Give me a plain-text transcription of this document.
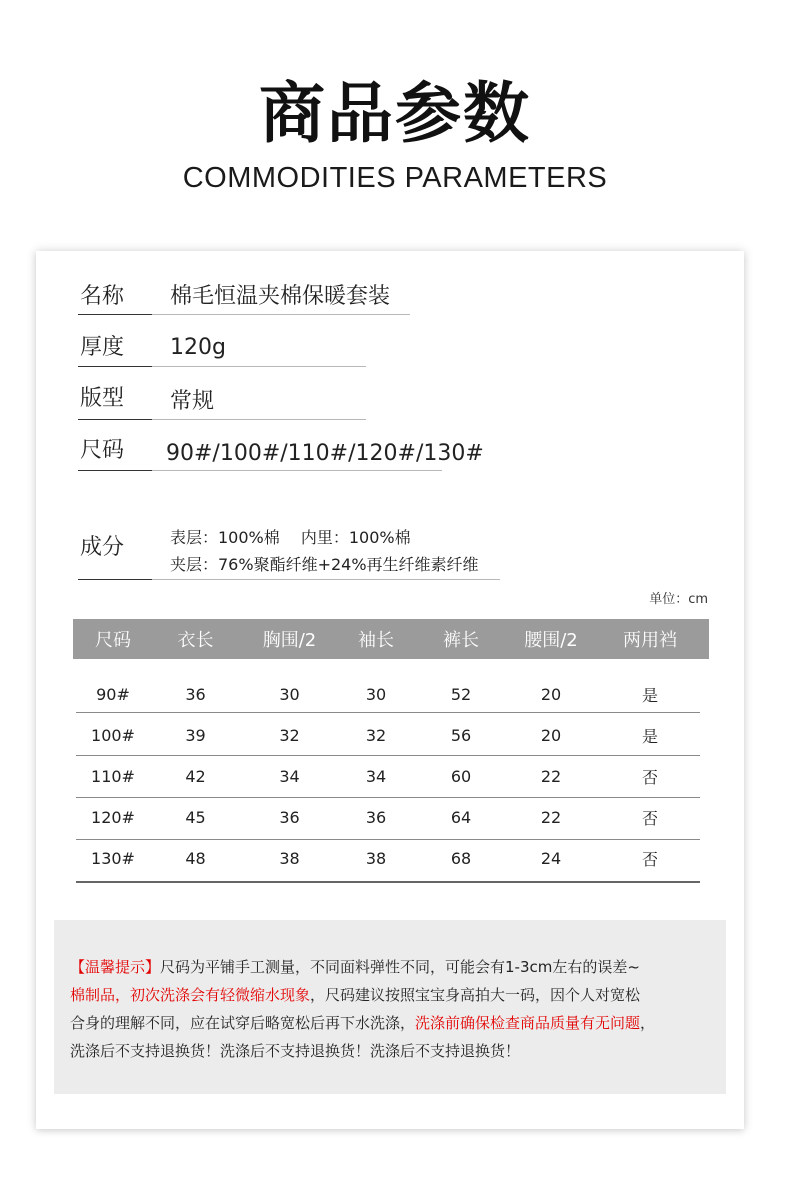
商品参数
COMMODITIES PARAMETERS
名称 棉毛恒温夹棉保暖套装
厚度 120g
版型 常规
尺码 90#/100#/110#/120#/130#
成分	表层：100%棉　 内里：100%棉
夹层：76%聚酯纤维+24%再生纤维素纤维
单位：cm
尺码	衣长	胸围/2	袖长	裤长	腰围/2	两用裆

90#	36	30	30	52	20	是
100#	39	32	32	56	20	是
110#	42	34	34	60	22	否
120#	45	36	36	64	22	否
130#	48	38	38	68	24	否

【温馨提示】尺码为平铺手工测量，不同面料弹性不同，可能会有1-3cm左右的误差~

棉制品，初次洗涤会有轻微缩水现象，尺码建议按照宝宝身高拍大一码，因个人对宽松

合身的理解不同，应在试穿后略宽松后再下水洗涤，洗涤前确保检查商品质量有无问题，

洗涤后不支持退换货！洗涤后不支持退换货！洗涤后不支持退换货！
